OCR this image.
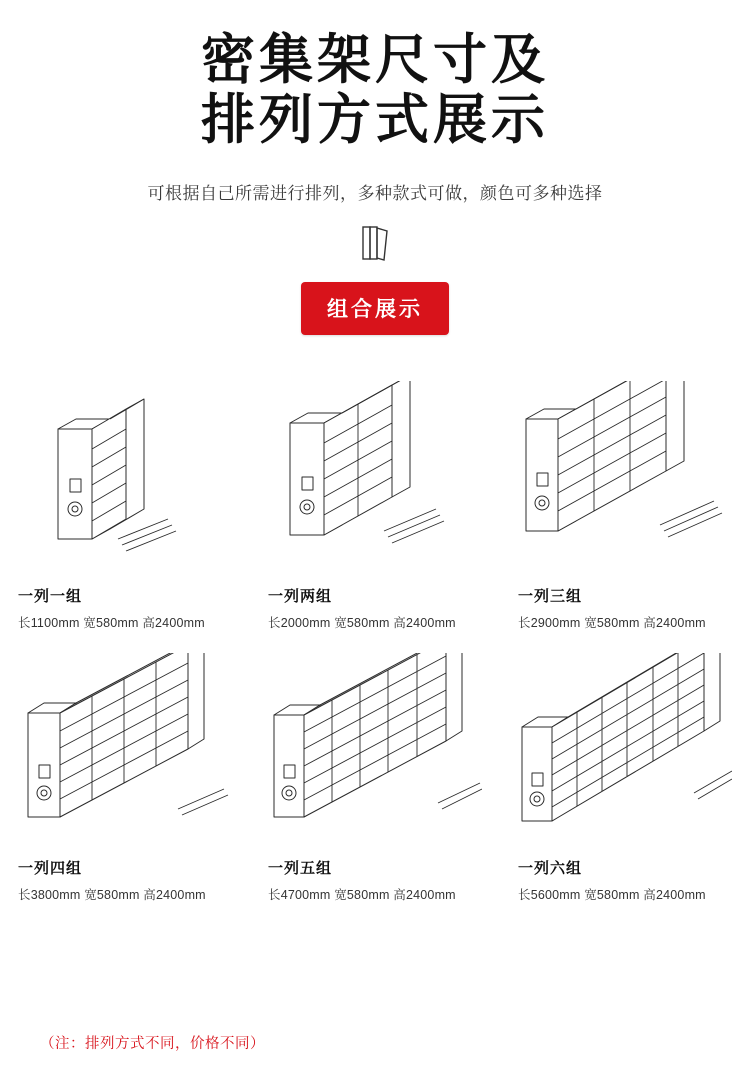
密集架尺寸及
排列方式展示
可根据自己所需进行排列，多种款式可做，颜色可多种选择
组合展示
一列一组
长1100mm 宽580mm 高2400mm
一列两组
长2000mm 宽580mm 高2400mm
一列三组
长2900mm 宽580mm 高2400mm
一列四组
长3800mm 宽580mm 高2400mm
一列五组
长4700mm 宽580mm 高2400mm
一列六组
长5600mm 宽580mm 高2400mm
（注：排列方式不同，价格不同）
